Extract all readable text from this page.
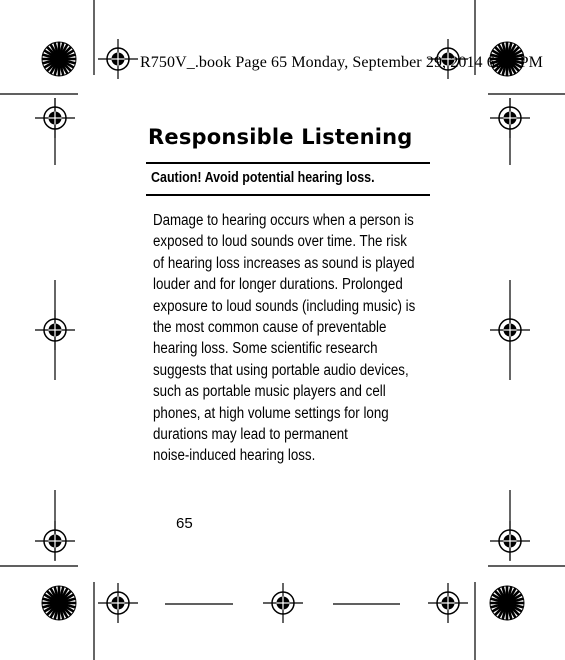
R750V_.book Page 65 Monday, September 29, 2014 6:20 PM
Responsible Listening
Caution! Avoid potential hearing loss.
Damage to hearing occurs when a person is
exposed to loud sounds over time. The risk
of hearing loss increases as sound is played
louder and for longer durations. Prolonged
exposure to loud sounds (including music) is
the most common cause of preventable
hearing loss. Some scientific research
suggests that using portable audio devices,
such as portable music players and cell
phones, at high volume settings for long
durations may lead to permanent
noise-induced hearing loss.
65
